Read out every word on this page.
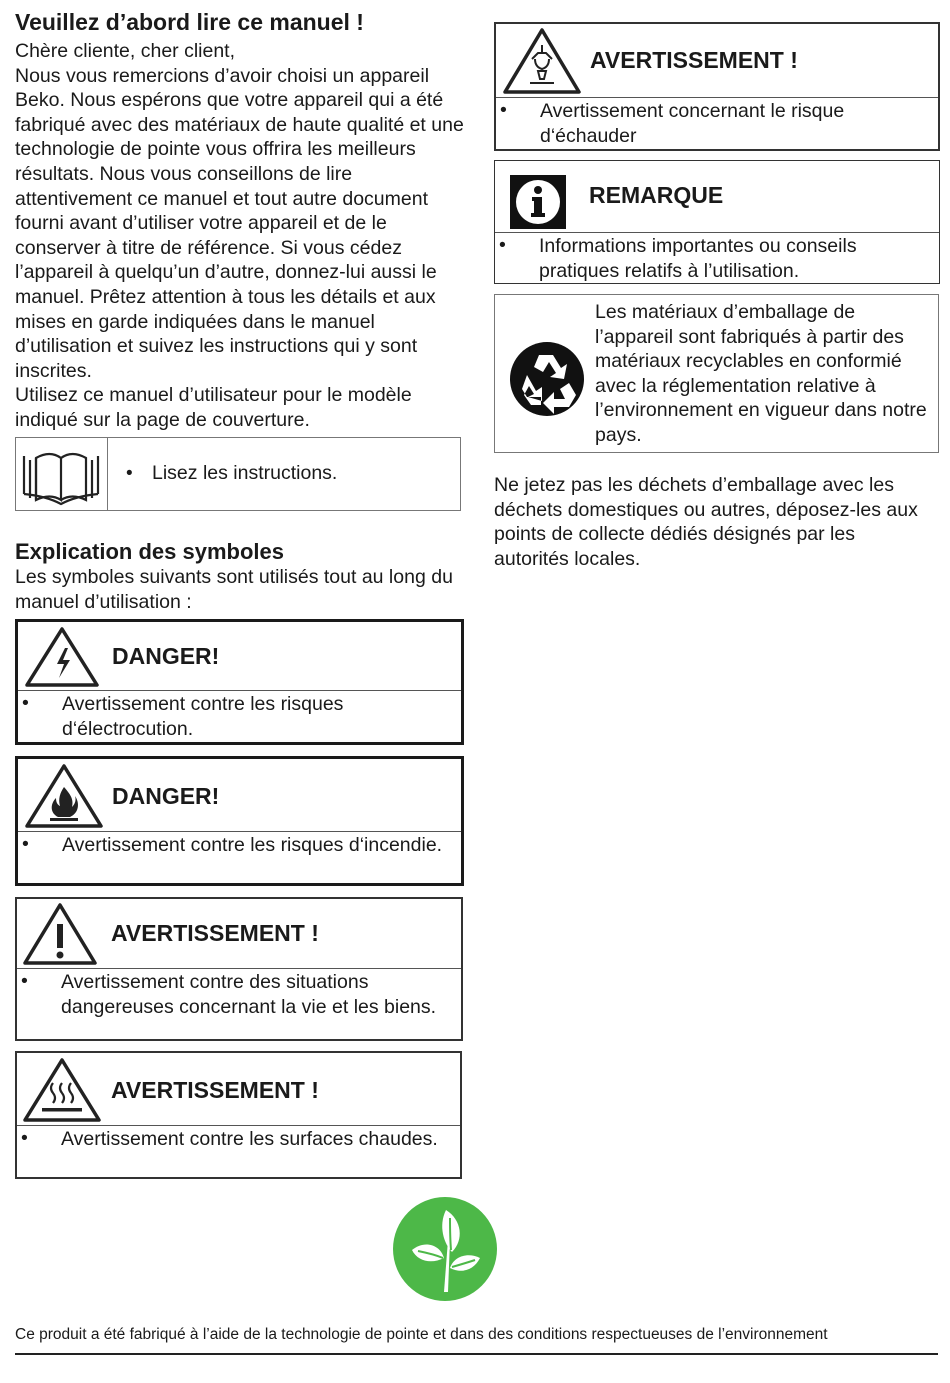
Veuillez d’abord lire ce manuel !

Chère cliente, cher client,

Nous vous remercions d’avoir choisi un appareil Beko. Nous espérons que votre appareil qui a été fabriqué avec des matériaux de haute qualité et une technologie de pointe vous offrira les meilleurs résultats. Nous vous conseillons de lire attentivement ce manuel et tout autre document fourni avant d’utiliser votre appareil et de le conserver à titre de référence. Si vous cédez l’appareil à quelqu’un d’autre, donnez-lui aussi le manuel. Prêtez attention à tous les détails et aux mises en garde indiquées dans le manuel d’utilisation et suivez les instructions qui y sont inscrites.

Utilisez ce manuel d’utilisateur pour le modèle indiqué sur la page de couverture.

• Lisez les instructions.
Explication des symboles

Les symboles suivants sont utilisés tout au long du manuel d’utilisation :

DANGER!
• Avertissement contre les risques d‘électrocution.
DANGER!
• Avertissement contre les risques d‘incendie.
AVERTISSEMENT !
• Avertissement contre des situations dangereuses concernant la vie et les biens.
AVERTISSEMENT !
• Avertissement contre les surfaces chaudes.
AVERTISSEMENT !
• Avertissement concernant le risque d‘échauder
REMARQUE
• Informations importantes ou conseils pratiques relatifs à l’utilisation.
Les matériaux d’emballage de l’appareil sont fabriqués à partir des matériaux recyclables en conformié avec la réglementation relative à l’environnement en vigueur dans notre pays.

Ne jetez pas les déchets d’emballage avec les déchets domestiques ou autres, déposez-les aux points de collecte dédiés désignés par les autorités locales.

Ce produit a été fabriqué à l’aide de la technologie de pointe et dans des conditions respectueuses de l’environnement
